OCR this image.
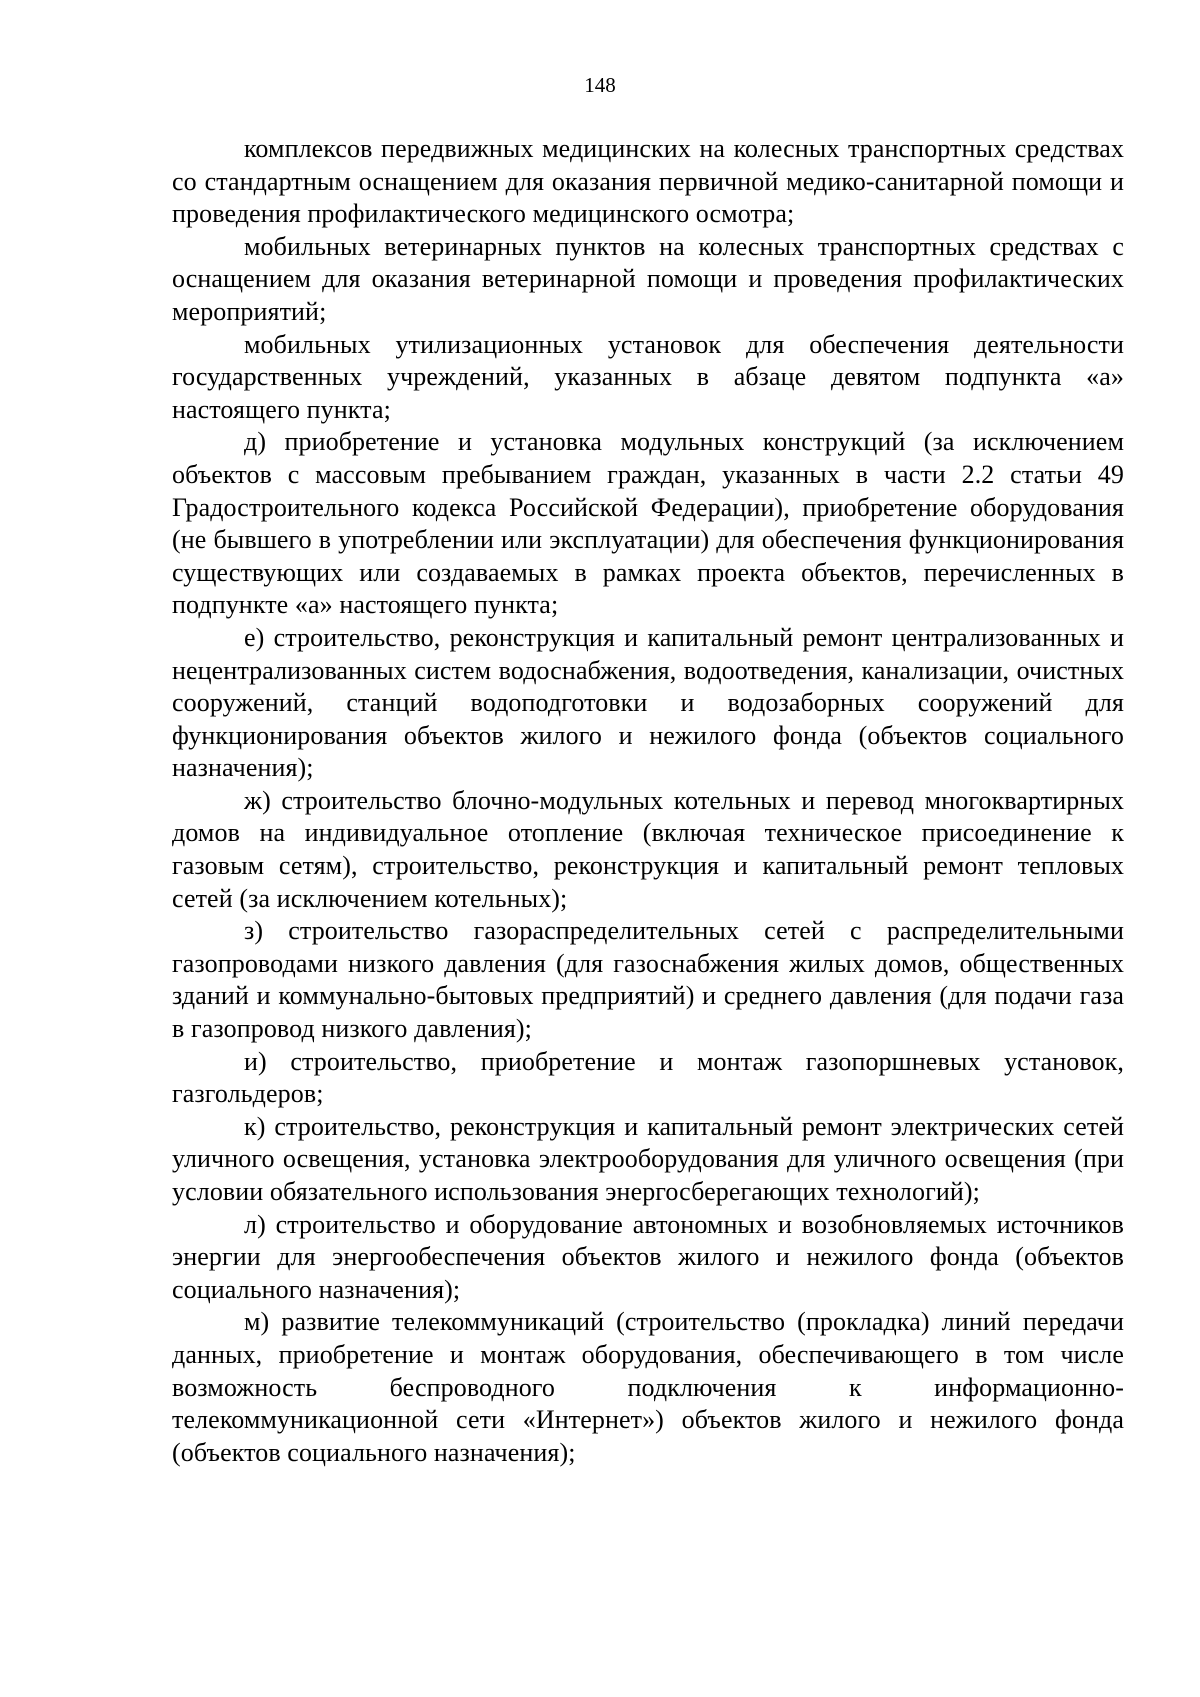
148

комплексов передвижных медицинских на колесных транспортных средствах со стандартным оснащением для оказания первичной медико-санитарной помощи и проведения профилактического медицинского осмотра;

мобильных ветеринарных пунктов на колесных транспортных средствах с оснащением для оказания ветеринарной помощи и проведения профилактических мероприятий;

мобильных утилизационных установок для обеспечения деятельности государственных учреждений, указанных в абзаце девятом подпункта «а» настоящего пункта;

д) приобретение и установка модульных конструкций (за исключением объектов с массовым пребыванием граждан, указанных в части 2.2 статьи 49 Градостроительного кодекса Российской Федерации), приобретение оборудования (не бывшего в употреблении или эксплуатации) для обеспечения функционирования существующих или создаваемых в рамках проекта объектов, перечисленных в подпункте «а» настоящего пункта;

е) строительство, реконструкция и капитальный ремонт централизованных и нецентрализованных систем водоснабжения, водоотведения, канализации, очистных сооружений, станций водоподготовки и водозаборных сооружений для функционирования объектов жилого и нежилого фонда (объектов социального назначения);

ж) строительство блочно-модульных котельных и перевод многоквартирных домов на индивидуальное отопление (включая техническое присоединение к газовым сетям), строительство, реконструкция и капитальный ремонт тепловых сетей (за исключением котельных);

з) строительство газораспределительных сетей с распределительными газопроводами низкого давления (для газоснабжения жилых домов, общественных зданий и коммунально-бытовых предприятий) и среднего давления (для подачи газа в газопровод низкого давления);

и) строительство, приобретение и монтаж газопоршневых установок, газгольдеров;

к) строительство, реконструкция и капитальный ремонт электрических сетей уличного освещения, установка электрооборудования для уличного освещения (при условии обязательного использования энергосберегающих технологий);

л) строительство и оборудование автономных и возобновляемых источников энергии для энергообеспечения объектов жилого и нежилого фонда (объектов социального назначения);

м) развитие телекоммуникаций (строительство (прокладка) линий передачи данных, приобретение и монтаж оборудования, обеспечивающего в том числе возможность беспроводного подключения к информационно-телекоммуникационной сети «Интернет») объектов жилого и нежилого фонда (объектов социального назначения);
